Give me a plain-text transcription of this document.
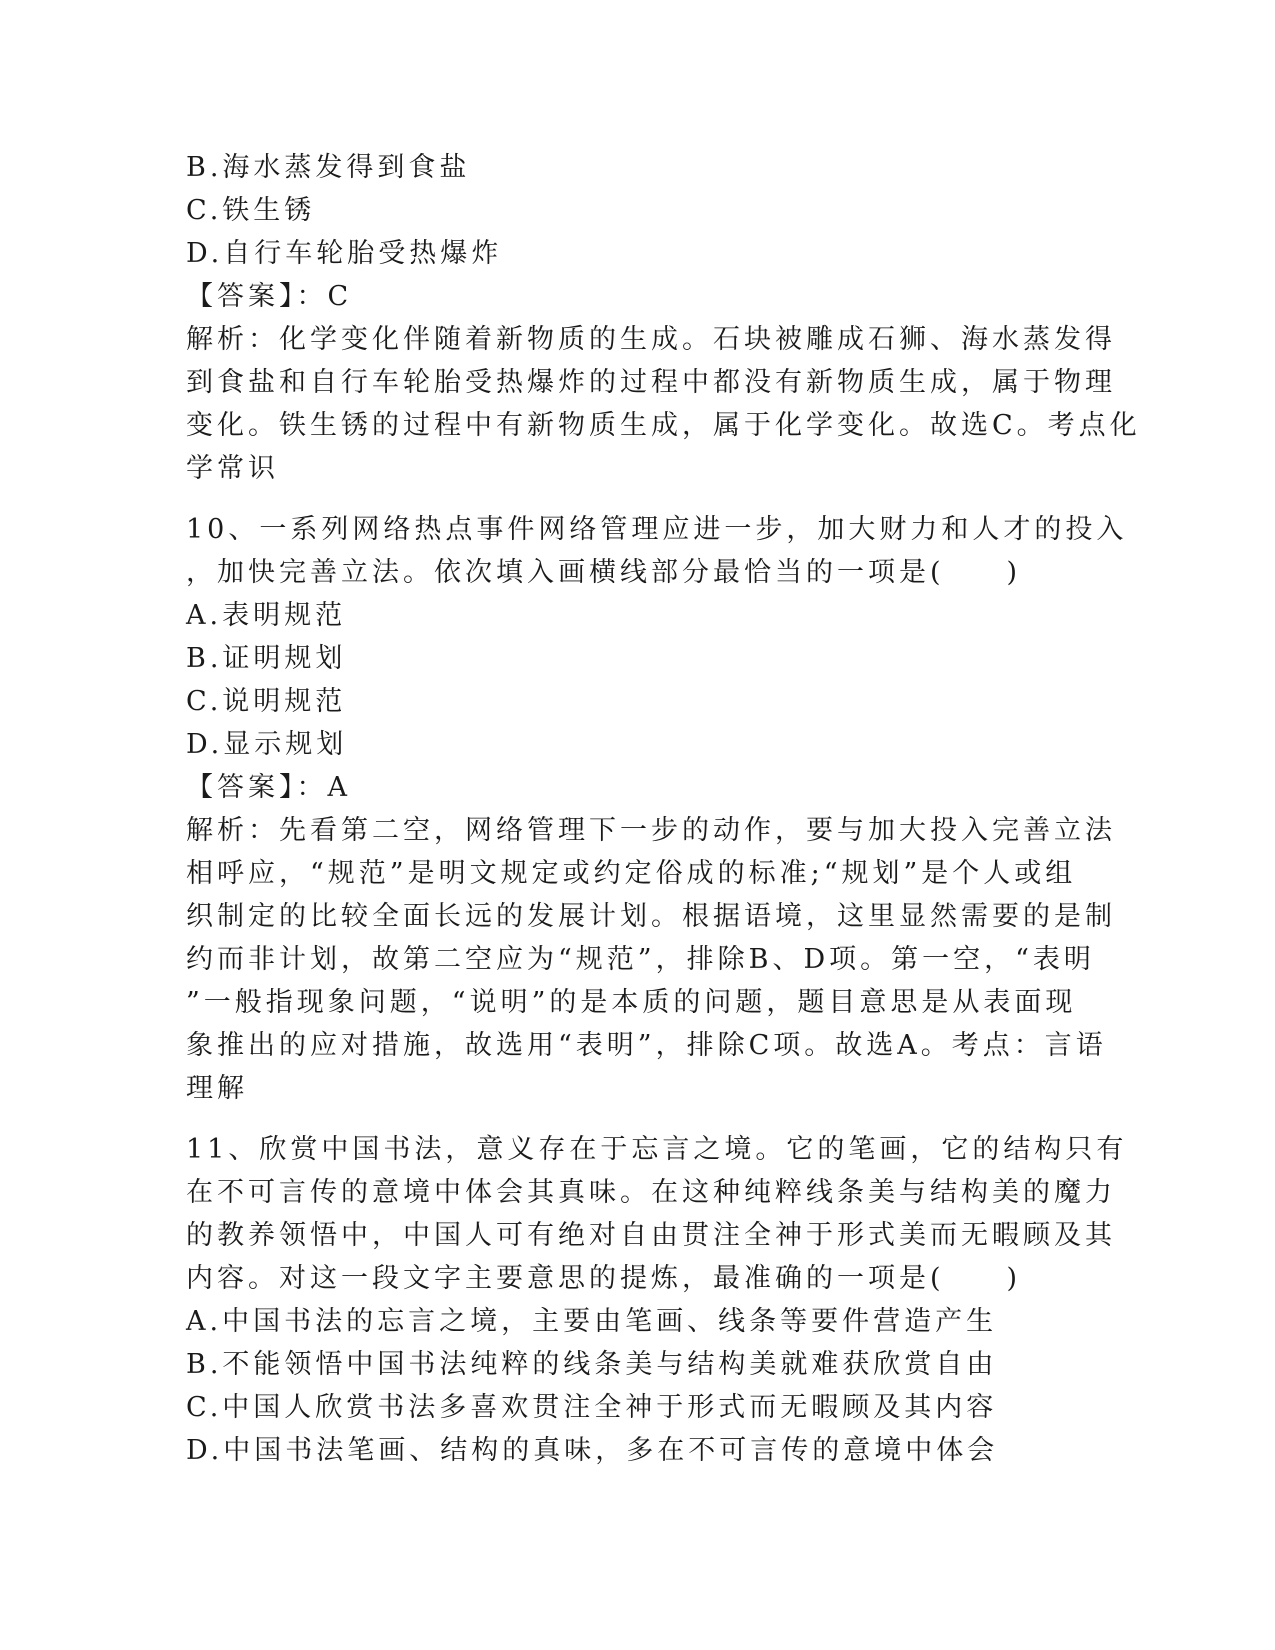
B.海水蒸发得到食盐
C.铁生锈
D.自行车轮胎受热爆炸
【答案】：C
解析：化学变化伴随着新物质的生成。石块被雕成石狮、海水蒸发得
到食盐和自行车轮胎受热爆炸的过程中都没有新物质生成，属于物理
变化。铁生锈的过程中有新物质生成，属于化学变化。故选C。考点化
学常识
10、一系列网络热点事件网络管理应进一步，加大财力和人才的投入
，加快完善立法。依次填入画横线部分最恰当的一项是(　　)
A.表明规范
B.证明规划
C.说明规范
D.显示规划
【答案】：A
解析：先看第二空，网络管理下一步的动作，要与加大投入完善立法
相呼应，“规范”是明文规定或约定俗成的标准;“规划”是个人或组
织制定的比较全面长远的发展计划。根据语境，这里显然需要的是制
约而非计划，故第二空应为“规范”，排除B、D项。第一空，“表明
”一般指现象问题，“说明”的是本质的问题，题目意思是从表面现
象推出的应对措施，故选用“表明”，排除C项。故选A。考点：言语
理解
11、欣赏中国书法，意义存在于忘言之境。它的笔画，它的结构只有
在不可言传的意境中体会其真味。在这种纯粹线条美与结构美的魔力
的教养领悟中，中国人可有绝对自由贯注全神于形式美而无暇顾及其
内容。对这一段文字主要意思的提炼，最准确的一项是(　　)
A.中国书法的忘言之境，主要由笔画、线条等要件营造产生
B.不能领悟中国书法纯粹的线条美与结构美就难获欣赏自由
C.中国人欣赏书法多喜欢贯注全神于形式而无暇顾及其内容
D.中国书法笔画、结构的真味，多在不可言传的意境中体会
